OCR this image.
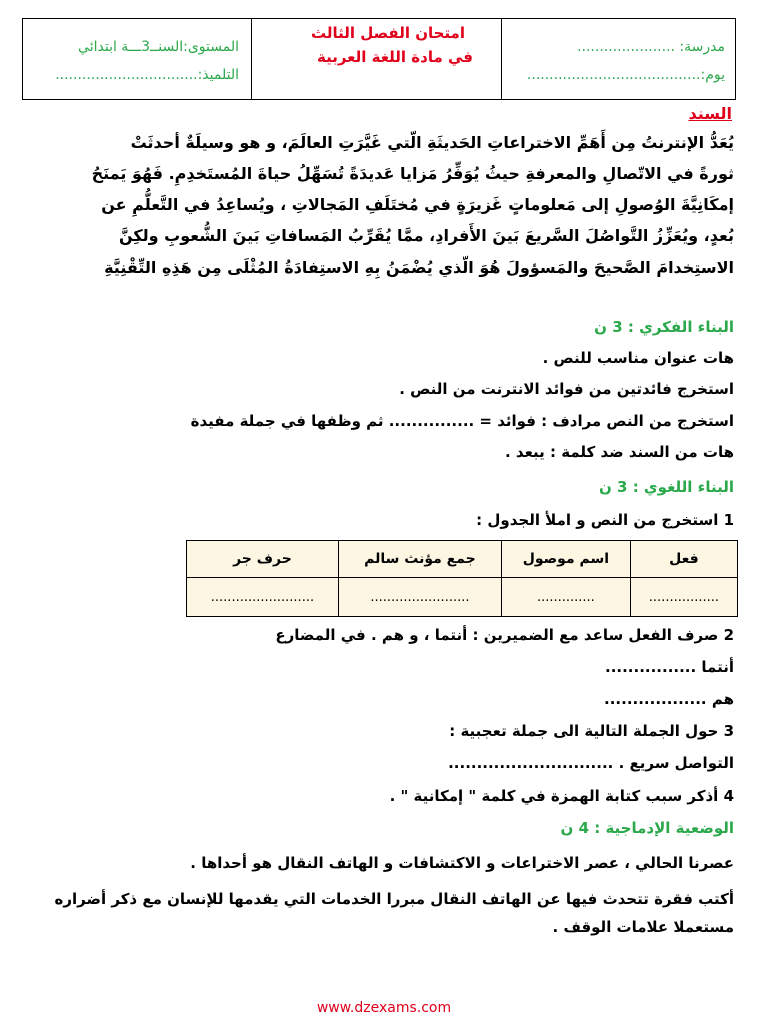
مدرسة: ......................
يوم:.......................................
امتحان الفصل الثالث
في مادة اللغة العربية
المستوى:السنــ3ـــة ابتدائي
التلميذ:................................
السند
يُعَدُّ الإنترنتُ مِن أَهَمِّ الاختراعاتِ الحَديثَةِ الّتي غَيَّرَتِ العالَمَ، و هو وسيلَةٌ أحدثَتْ
ثورةً في الاتّصالِ والمعرفةِ حيثُ يُوَفِّرُ مَزايا عَديدَةً تُسَهِّلُ حياةَ المُستَخدِمِ. فَهُوَ يَمنَحُ
إمكَانِيَّةَ الوُصولِ إلى مَعلوماتٍ غَزيرَةٍ في مُختَلَفِ المَجالاتِ ، ويُساعِدُ في التَّعلُّمِ عن
بُعدٍ، ويُعَزِّزُ التَّواصُلَ السَّريعَ بَينَ الأَفرادِ، ممَّا يُقَرِّبُ المَسافاتِ بَينَ الشُّعوبِ ولكِنَّ
الاستِخدامَ الصَّحيحَ والمَسؤولَ هُوَ الّذي يُضْمَنُ بِهِ الاستِفادَةُ المُثْلَى مِن هَذِهِ التِّقْنِيَّةِ
البناء الفكري : 3 ن
هات عنوان مناسب للنص .
استخرج فائدتين من فوائد الانترنت من النص .
استخرج من النص مرادف : فوائد = ............... ثم وظفها في جملة مفيدة
هات من السند ضد كلمة : يبعد .
البناء اللغوي : 3 ن
1 استخرج من النص و املأ الجدول :
فعل	اسم موصول	جمع مؤنث سالم	حرف جر
.................	..............	........................	.........................
2 صرف الفعل ساعد مع الضميرين : أنتما ، و هم . في المضارع
أنتما ................
هم ..................
3 حول الجملة التالية الى جملة تعجبية :
التواصل سريع . .............................
4 أذكر سبب كتابة الهمزة في كلمة " إمكانية " .
الوضعية الإدماجية : 4 ن
عصرنا الحالي ، عصر الاختراعات و الاكتشافات و الهاتف النقال هو أحداها .
أكتب فقرة تتحدث فيها عن الهاتف النقال مبررا الخدمات التي يقدمها للإنسان مع ذكر أضراره
مستعملا علامات الوقف .
www.dzexams.com
